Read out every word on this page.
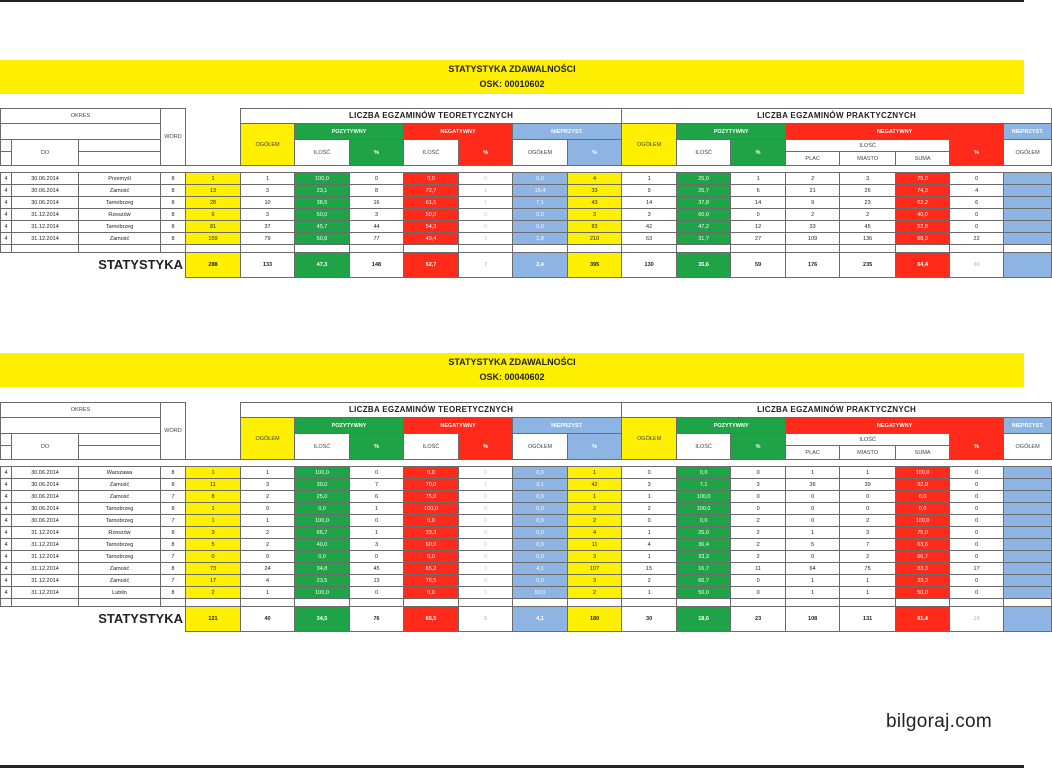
STATYSTYKA ZDAWALNOŚCI
OSK: 00010602
OKRES			WORD		LICZBA EGZAMINÓW TEORETYCZNYCH							LICZBA EGZAMINÓW PRAKTYCZNYCH								
					OGÓŁEM	POZYTYWNY		NEGATYWNY		NIEPRZYST.		OGÓŁEM	POZYTYWNY		NEGATYWNY				NIEPRZYST.	
	DO					ILOŚĆ	%	ILOŚĆ	%	OGÓŁEM	%		ILOŚĆ	%	ILOŚĆ			%	OGÓŁEM	
															PLAC	MIASTO	SUMA			

4	30.06.2014	Przemyśl	8	1	1	100,0	0	0,0	0	0,0	4	1	25,0	1	2	3	75,0	0		
4	30.06.2014	Zamość	8	13	3	23,1	8	72,7	1	15,4	33	9	25,7	6	21	26	74,3	4		
4	30.06.2014	Tarnobrzeg	8	28	10	38,5	16	61,5	1	7,1	43	14	37,8	14	9	23	62,2	6		
4	31.12.2014	Rzeszów	8	6	3	50,0	3	50,0	0	0,0	3	3	60,0	0	2	2	40,0	0		
4	31.12.2014	Tarnobrzeg	8	81	37	45,7	44	54,3	0	0,0	83	42	47,2	12	33	45	52,8	0		
4	31.12.2014	Zamość	8	159	79	50,6	77	49,4	3	1,9	210	63	31,7	27	109	136	68,3	22		

STATYSTYKA				288	133	47,3	148	52,7	7	2,4	395	130	35,6	59	176	235	64,4	30		
STATYSTYKA ZDAWALNOŚCI
OSK: 00040602
OKRES			WORD		LICZBA EGZAMINÓW TEORETYCZNYCH							LICZBA EGZAMINÓW PRAKTYCZNYCH								
					OGÓŁEM	POZYTYWNY		NEGATYWNY		NIEPRZYST.		OGÓŁEM	POZYTYWNY		NEGATYWNY				NIEPRZYST.	
	DO					ILOŚĆ	%	ILOŚĆ	%	OGÓŁEM	%		ILOŚĆ	%	ILOŚĆ			%	OGÓŁEM	
															PLAC	MIASTO	SUMA			

4	30.06.2014	Warszawa	8	1	1	100,0	0	0,0	0	0,0	1	0	0,0	0	1	1	100,0	0		
4	30.06.2014	Zamość	8	11	3	30,0	7	70,0	1	9,1	42	3	7,1	3	36	39	92,9	0		
4	30.06.2014	Zamość	7	8	2	25,0	6	75,0	0	0,0	1	1	100,0	0	0	0	0,0	0		
4	30.06.2014	Tarnobrzeg	8	1	0	0,0	1	100,0	0	0,0	2	2	100,0	0	0	0	0,0	0		
4	30.06.2014	Tarnobrzeg	7	1	1	100,0	0	0,0	0	0,0	2	0	0,0	2	0	2	100,0	0		
4	31.12.2014	Rzeszów	8	3	2	66,7	1	33,3	0	0,0	4	1	25,0	2	1	3	75,0	0		
4	31.12.2014	Tarnobrzeg	8	5	2	40,0	3	60,0	0	0,0	11	4	36,4	2	5	7	63,6	0		
4	31.12.2014	Tarnobrzeg	7	0	0	0,0	0	0,0	0	0,0	3	1	33,3	2	0	2	66,7	0		
4	31.12.2014	Zamość	8	73	24	34,8	45	65,2	3	4,1	107	15	16,7	11	64	75	83,3	17		
4	31.12.2014	Zamość	7	17	4	23,5	13	76,5	0	0,0	3	2	66,7	0	1	1	33,3	0		
4	31.12.2014	Lublin	8	2	1	100,0	0	0,0	1	50,0	2	1	50,0	0	1	1	50,0	0		

STATYSTYKA				121	40	34,5	76	65,5	5	4,1	180	30	18,6	23	108	131	81,4	19		
bilgoraj.com
